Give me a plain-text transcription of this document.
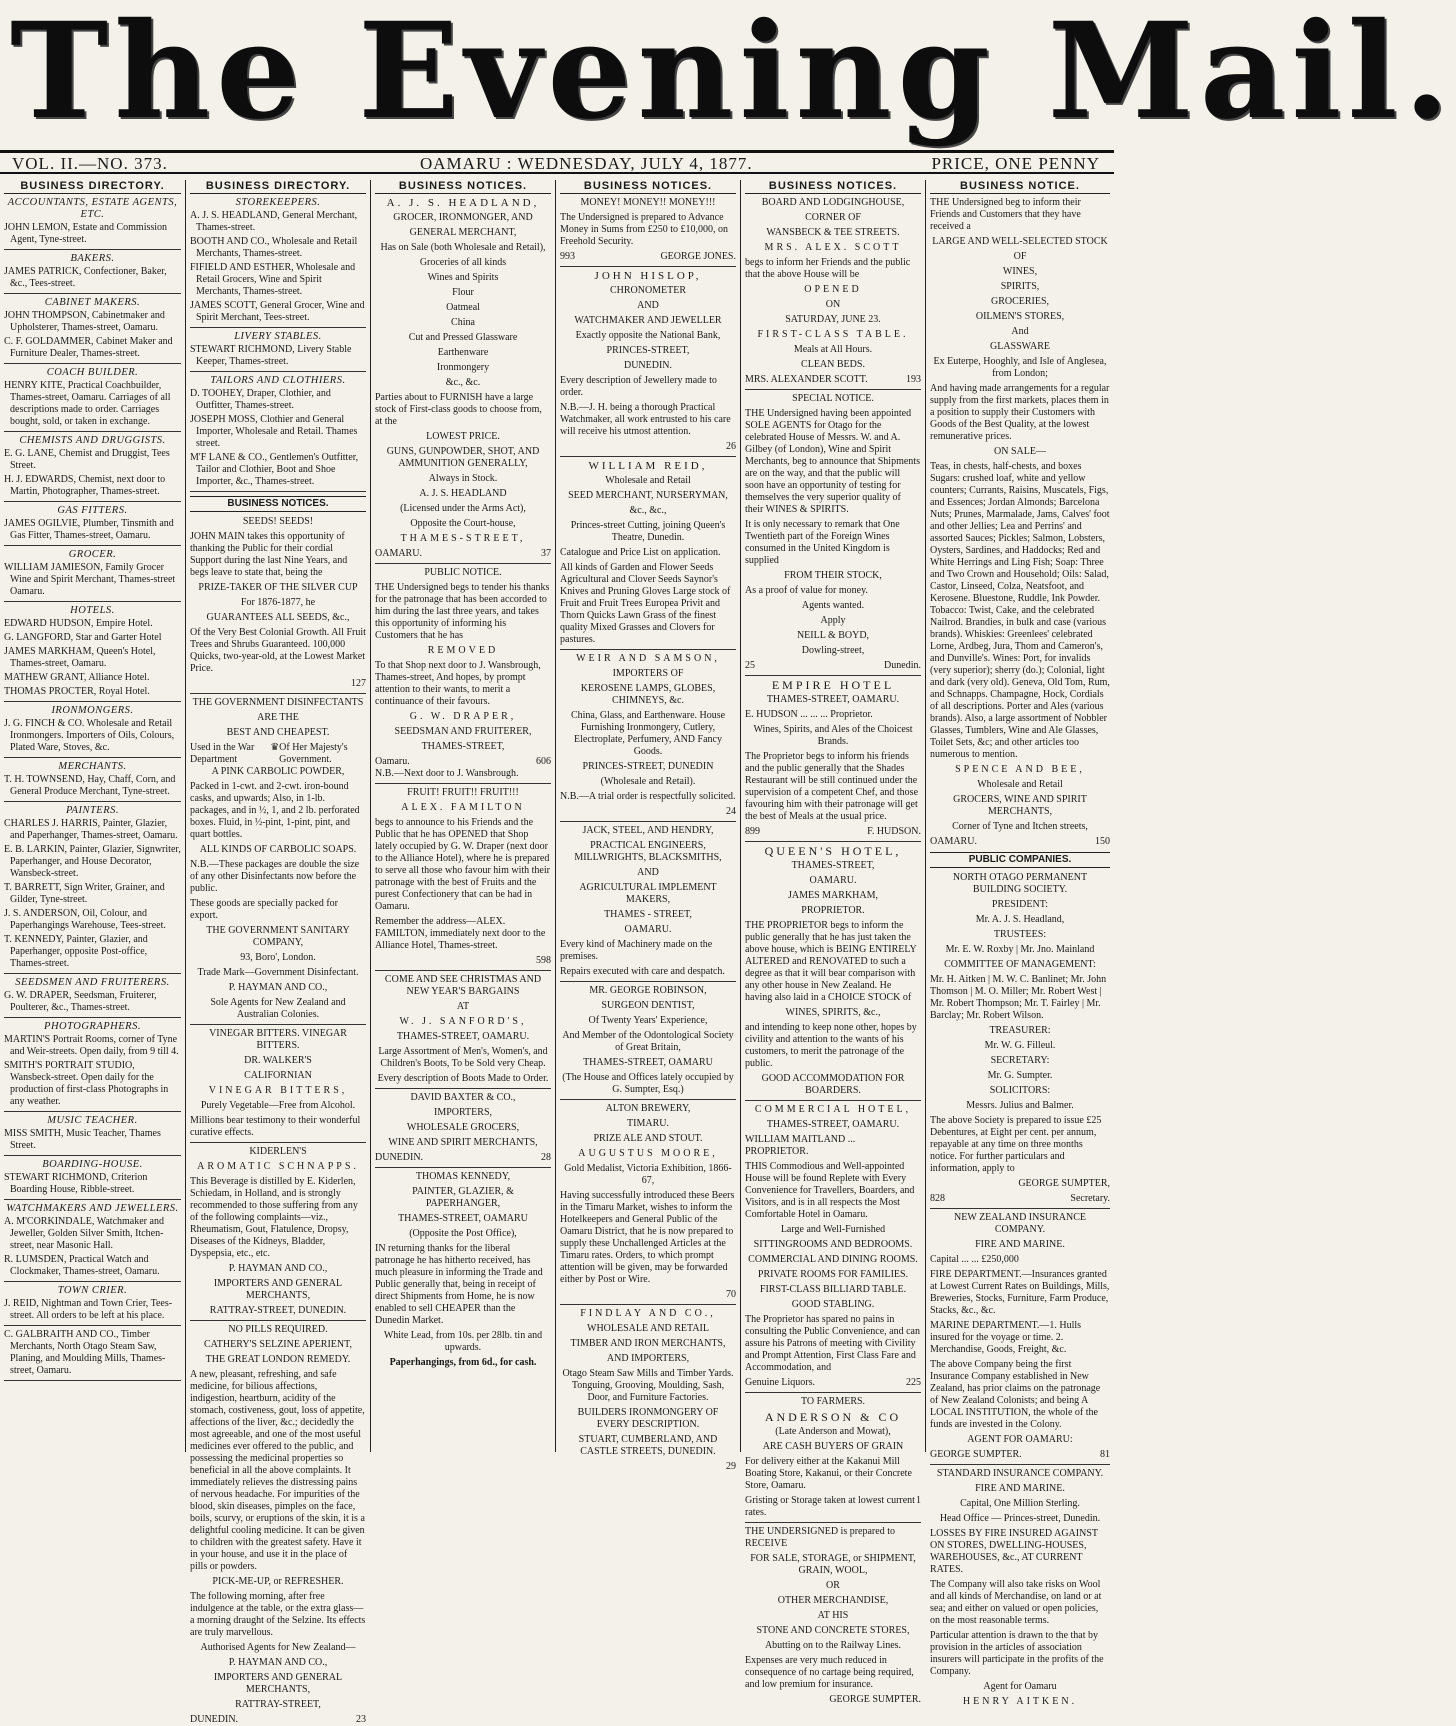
The Evening Mail.
VOL. II.—NO. 373.	OAMARU : WEDNESDAY, JULY 4, 1877.	PRICE, ONE PENNY
BUSINESS DIRECTORY.
ACCOUNTANTS, ESTATE AGENTS, ETC.
JOHN LEMON, Estate and Commission Agent, Tyne-street.
BAKERS.
JAMES PATRICK, Confectioner, Baker, &c., Tees-street.
CABINET MAKERS.
JOHN THOMPSON, Cabinetmaker and Upholsterer, Thames-street, Oamaru.
C. F. GOLDAMMER, Cabinet Maker and Furniture Dealer, Thames-street.
COACH BUILDER.
HENRY KITE, Practical Coachbuilder, Thames-street, Oamaru. Carriages of all descriptions made to order. Carriages bought, sold, or taken in exchange.
CHEMISTS AND DRUGGISTS.
E. G. LANE, Chemist and Druggist, Tees Street.
H. J. EDWARDS, Chemist, next door to Martin, Photographer, Thames-street.
GAS FITTERS.
JAMES OGILVIE, Plumber, Tinsmith and Gas Fitter, Thames-street, Oamaru.
GROCER.
WILLIAM JAMIESON, Family Grocer Wine and Spirit Merchant, Thames-street Oamaru.
HOTELS.
EDWARD HUDSON, Empire Hotel.
G. LANGFORD, Star and Garter Hotel
JAMES MARKHAM, Queen's Hotel, Thames-street, Oamaru.
MATHEW GRANT, Alliance Hotel.
THOMAS PROCTER, Royal Hotel.
IRONMONGERS.
J. G. FINCH & CO. Wholesale and Retail Ironmongers. Importers of Oils, Colours, Plated Ware, Stoves, &c.
MERCHANTS.
T. H. TOWNSEND, Hay, Chaff, Corn, and General Produce Merchant, Tyne-street.
PAINTERS.
CHARLES J. HARRIS, Painter, Glazier, and Paperhanger, Thames-street, Oamaru.
E. B. LARKIN, Painter, Glazier, Signwriter, Paperhanger, and House Decorator, Wansbeck-street.
T. BARRETT, Sign Writer, Grainer, and Gilder, Tyne-street.
J. S. ANDERSON, Oil, Colour, and Paperhangings Warehouse, Tees-street.
T. KENNEDY, Painter, Glazier, and Paperhanger, opposite Post-office, Thames-street.
SEEDSMEN AND FRUITERERS.
G. W. DRAPER, Seedsman, Fruiterer, Poulterer, &c., Thames-street.
PHOTOGRAPHERS.
MARTIN'S Portrait Rooms, corner of Tyne and Weir-streets. Open daily, from 9 till 4.
SMITH'S PORTRAIT STUDIO, Wansbeck-street. Open daily for the production of first-class Photographs in any weather.
MUSIC TEACHER.
MISS SMITH, Music Teacher, Thames Street.
BOARDING-HOUSE.
STEWART RICHMOND, Criterion Boarding House, Ribble-street.
WATCHMAKERS AND JEWELLERS.
A. M'CORKINDALE, Watchmaker and Jeweller, Golden Silver Smith, Itchen-street, near Masonic Hall.
R. LUMSDEN, Practical Watch and Clockmaker, Thames-street, Oamaru.
TOWN CRIER.
J. REID, Nightman and Town Crier, Tees-street. All orders to be left at his place.
C. GALBRAITH AND CO., Timber Merchants, North Otago Steam Saw, Planing, and Moulding Mills, Thames-street, Oamaru.
BUSINESS DIRECTORY.
STOREKEEPERS.
A. J. S. HEADLAND, General Merchant, Thames-street.
BOOTH AND CO., Wholesale and Retail Merchants, Thames-street.
FIFIELD AND ESTHER, Wholesale and Retail Grocers, Wine and Spirit Merchants, Thames-street.
JAMES SCOTT, General Grocer, Wine and Spirit Merchant, Tees-street.
LIVERY STABLES.
STEWART RICHMOND, Livery Stable Keeper, Thames-street.
TAILORS AND CLOTHIERS.
D. TOOHEY, Draper, Clothier, and Outfitter, Thames-street.
JOSEPH MOSS, Clothier and General Importer, Wholesale and Retail. Thames street.
M'F LANE & CO., Gentlemen's Outfitter, Tailor and Clothier, Boot and Shoe Importer, &c., Thames-street.
BUSINESS NOTICES.

SEEDS! SEEDS!

JOHN MAIN takes this opportunity of thanking the Public for their cordial Support during the last Nine Years, and begs leave to state that, being the

PRIZE-TAKER OF THE SILVER CUP

For 1876-1877, he

GUARANTEES ALL SEEDS, &c.,

Of the Very Best Colonial Growth. All Fruit Trees and Shrubs Guaranteed. 100,000 Quicks, two-year-old, at the Lowest Market Price.

127

THE GOVERNMENT DISINFECTANTS

ARE THE

BEST AND CHEAPEST.

Used in the War Department
♛ Of Her Majesty's Government.

A PINK CARBOLIC POWDER,

Packed in 1-cwt. and 2-cwt. iron-bound casks, and upwards; Also, in 1-lb. packages, and in ½, 1, and 2 lb. perforated boxes. Fluid, in ½-pint, 1-pint, pint, and quart bottles.

ALL KINDS OF CARBOLIC SOAPS.

N.B.—These packages are double the size of any other Disinfectants now before the public.

These goods are specially packed for export.

THE GOVERNMENT SANITARY COMPANY,

93, Boro', London.

Trade Mark—Government Disinfectant.

P. HAYMAN AND CO.,

Sole Agents for New Zealand and Australian Colonies.

VINEGAR BITTERS. VINEGAR BITTERS.

DR. WALKER'S

CALIFORNIAN

VINEGAR BITTERS,

Purely Vegetable—Free from Alcohol.

Millions bear testimony to their wonderful curative effects.

KIDERLEN'S

AROMATIC SCHNAPPS.

This Beverage is distilled by E. Kiderlen, Schiedam, in Holland, and is strongly recommended to those suffering from any of the following complaints—viz., Rheumatism, Gout, Flatulence, Dropsy, Diseases of the Kidneys, Bladder, Dyspepsia, etc., etc.

P. HAYMAN AND CO.,

IMPORTERS AND GENERAL MERCHANTS,

RATTRAY-STREET, DUNEDIN.

NO PILLS REQUIRED.

CATHERY'S SELZINE APERIENT,

THE GREAT LONDON REMEDY.

A new, pleasant, refreshing, and safe medicine, for bilious affections, indigestion, heartburn, acidity of the stomach, costiveness, gout, loss of appetite, affections of the liver, &c.; decidedly the most agreeable, and one of the most useful medicines ever offered to the public, and possessing the medicinal properties so beneficial in all the above complaints. It immediately relieves the distressing pains of nervous headache. For impurities of the blood, skin diseases, pimples on the face, boils, scurvy, or eruptions of the skin, it is a delightful cooling medicine. It can be given to children with the greatest safety. Have it in your house, and use it in the place of pills or powders.

PICK-ME-UP, or REFRESHER.

The following morning, after free indulgence at the table, or the extra glass—a morning draught of the Selzine. Its effects are truly marvellous.

Authorised Agents for New Zealand—

P. HAYMAN AND CO.,

IMPORTERS AND GENERAL MERCHANTS,

RATTRAY-STREET,

DUNEDIN.	23
BUSINESS NOTICES.

A. J. S. HEADLAND,

GROCER, IRONMONGER, AND

GENERAL MERCHANT,

Has on Sale (both Wholesale and Retail),

Groceries of all kinds

Wines and Spirits

Flour

Oatmeal

China

Cut and Pressed Glassware

Earthenware

Ironmongery

&c., &c.

Parties about to FURNISH have a large stock of First-class goods to choose from, at the

LOWEST PRICE.

GUNS, GUNPOWDER, SHOT, AND AMMUNITION GENERALLY,

Always in Stock.

A. J. S. HEADLAND

(Licensed under the Arms Act),

Opposite the Court-house,

THAMES-STREET,

OAMARU.	37

PUBLIC NOTICE.

THE Undersigned begs to tender his thanks for the patronage that has been accorded to him during the last three years, and takes this opportunity of informing his Customers that he has

REMOVED

To that Shop next door to J. Wansbrough, Thames-street, And hopes, by prompt attention to their wants, to merit a continuance of their favours.

G. W. DRAPER,

SEEDSMAN AND FRUITERER,

THAMES-STREET,

Oamaru.	606

N.B.—Next door to J. Wansbrough.

FRUIT! FRUIT!! FRUIT!!!

ALEX. FAMILTON

begs to announce to his Friends and the Public that he has OPENED that Shop lately occupied by G. W. Draper (next door to the Alliance Hotel), where he is prepared to serve all those who favour him with their patronage with the best of Fruits and the purest Confectionery that can be had in Oamaru.

Remember the address—ALEX. FAMILTON, immediately next door to the Alliance Hotel, Thames-street.

598

COME AND SEE CHRISTMAS AND NEW YEAR'S BARGAINS

AT

W. J. SANFORD'S,

THAMES-STREET, OAMARU.

Large Assortment of Men's, Women's, and Children's Boots, To be Sold very Cheap.

Every description of Boots Made to Order.

DAVID BAXTER & CO.,

IMPORTERS,

WHOLESALE GROCERS,

WINE AND SPIRIT MERCHANTS,

DUNEDIN.	28

THOMAS KENNEDY,

PAINTER, GLAZIER, & PAPERHANGER,

THAMES-STREET, OAMARU

(Opposite the Post Office),

IN returning thanks for the liberal patronage he has hitherto received, has much pleasure in informing the Trade and Public generally that, being in receipt of direct Shipments from Home, he is now enabled to sell CHEAPER than the Dunedin Market.

White Lead, from 10s. per 28lb. tin and upwards.

Paperhangings, from 6d., for cash.

BUSINESS NOTICES.

MONEY! MONEY!! MONEY!!!

The Undersigned is prepared to Advance Money in Sums from £250 to £10,000, on Freehold Security.

993	GEORGE JONES.

JOHN HISLOP,

CHRONOMETER

AND

WATCHMAKER AND JEWELLER

Exactly opposite the National Bank,

PRINCES-STREET,

DUNEDIN.

Every description of Jewellery made to order.

N.B.—J. H. being a thorough Practical Watchmaker, all work entrusted to his care will receive his utmost attention.

26

WILLIAM REID,

Wholesale and Retail

SEED MERCHANT, NURSERYMAN,

&c., &c.,

Princes-street Cutting, joining Queen's Theatre, Dunedin.

Catalogue and Price List on application.

All kinds of Garden and Flower Seeds Agricultural and Clover Seeds Saynor's Knives and Pruning Gloves Large stock of Fruit and Fruit Trees Europea Privit and Thorn Quicks Lawn Grass of the finest quality Mixed Grasses and Clovers for pastures.

WEIR AND SAMSON,

IMPORTERS OF

KEROSENE LAMPS, GLOBES, CHIMNEYS, &c.

China, Glass, and Earthenware. House Furnishing Ironmongery, Cutlery, Electroplate, Perfumery, AND Fancy Goods.

PRINCES-STREET, DUNEDIN

(Wholesale and Retail).

N.B.—A trial order is respectfully solicited.

24

JACK, STEEL, AND HENDRY,

PRACTICAL ENGINEERS, MILLWRIGHTS, BLACKSMITHS,

AND

AGRICULTURAL IMPLEMENT MAKERS,

THAMES - STREET,

OAMARU.

Every kind of Machinery made on the premises.

Repairs executed with care and despatch.

MR. GEORGE ROBINSON,

SURGEON DENTIST,

Of Twenty Years' Experience,

And Member of the Odontological Society of Great Britain,

THAMES-STREET, OAMARU

(The House and Offices lately occupied by G. Sumpter, Esq.)

ALTON BREWERY,

TIMARU.

PRIZE ALE AND STOUT.

AUGUSTUS MOORE,

Gold Medalist, Victoria Exhibition, 1866-67,

Having successfully introduced these Beers in the Timaru Market, wishes to inform the Hotelkeepers and General Public of the Oamaru District, that he is now prepared to supply these Unchallenged Articles at the Timaru rates. Orders, to which prompt attention will be given, may be forwarded either by Post or Wire.

70

FINDLAY AND CO.,

WHOLESALE AND RETAIL

TIMBER AND IRON MERCHANTS,

AND IMPORTERS,

Otago Steam Saw Mills and Timber Yards. Tonguing, Grooving, Moulding, Sash, Door, and Furniture Factories.

BUILDERS IRONMONGERY OF EVERY DESCRIPTION.

STUART, CUMBERLAND, AND CASTLE STREETS, DUNEDIN.

29

BUSINESS NOTICES.

BOARD AND LODGINGHOUSE,

CORNER OF

WANSBECK & TEE STREETS.

MRS. ALEX. SCOTT

begs to inform her Friends and the public that the above House will be

OPENED

ON

SATURDAY, JUNE 23.

FIRST-CLASS TABLE.

Meals at All Hours.

CLEAN BEDS.

MRS. ALEXANDER SCOTT.	193

SPECIAL NOTICE.

THE Undersigned having been appointed SOLE AGENTS for Otago for the celebrated House of Messrs. W. and A. Gilbey (of London), Wine and Spirit Merchants, beg to announce that Shipments are on the way, and that the public will soon have an opportunity of testing for themselves the very superior quality of their WINES & SPIRITS.

It is only necessary to remark that One Twentieth part of the Foreign Wines consumed in the United Kingdom is supplied

FROM THEIR STOCK,

As a proof of value for money.

Agents wanted.

Apply

NEILL & BOYD,

Dowling-street,

25	Dunedin.

EMPIRE HOTEL

THAMES-STREET, OAMARU.

E. HUDSON ... ... ... Proprietor.

Wines, Spirits, and Ales of the Choicest Brands.

The Proprietor begs to inform his friends and the public generally that the Shades Restaurant will be still continued under the supervision of a competent Chef, and those favouring him with their patronage will get the best of Meals at the usual price.

899	F. HUDSON.

QUEEN'S HOTEL,

THAMES-STREET,

OAMARU.

JAMES MARKHAM,

PROPRIETOR.

THE PROPRIETOR begs to inform the public generally that he has just taken the above house, which is BEING ENTIRELY ALTERED and RENOVATED to such a degree as that it will bear comparison with any other house in New Zealand. He having also laid in a CHOICE STOCK of

WINES, SPIRITS, &c.,

and intending to keep none other, hopes by civility and attention to the wants of his customers, to merit the patronage of the public.

GOOD ACCOMMODATION FOR BOARDERS.

COMMERCIAL HOTEL,

THAMES-STREET, OAMARU.

WILLIAM MAITLAND ... PROPRIETOR.

THIS Commodious and Well-appointed House will be found Replete with Every Convenience for Travellers, Boarders, and Visitors, and is in all respects the Most Comfortable Hotel in Oamaru.

Large and Well-Furnished

SITTINGROOMS AND BEDROOMS.

COMMERCIAL AND DINING ROOMS.

PRIVATE ROOMS FOR FAMILIES.

FIRST-CLASS BILLIARD TABLE.

GOOD STABLING.

The Proprietor has spared no pains in consulting the Public Convenience, and can assure his Patrons of meeting with Civility and Prompt Attention, First Class Fare and Accommodation, and

Genuine Liquors.	225

TO FARMERS.

ANDERSON & CO

(Late Anderson and Mowat),

ARE CASH BUYERS OF GRAIN

For delivery either at the Kakanui Mill Boating Store, Kakanui, or their Concrete Store, Oamaru.

Gristing or Storage taken at lowest current rates.
1

THE UNDERSIGNED is prepared to RECEIVE

FOR SALE, STORAGE, or SHIPMENT, GRAIN, WOOL,

OR

OTHER MERCHANDISE,

AT HIS

STONE AND CONCRETE STORES,

Abutting on to the Railway Lines.

Expenses are very much reduced in consequence of no cartage being required, and low premium for insurance.

GEORGE SUMPTER.

BUSINESS NOTICE.

THE Undersigned beg to inform their Friends and Customers that they have received a

LARGE AND WELL-SELECTED STOCK

OF

WINES,

SPIRITS,

GROCERIES,

OILMEN'S STORES,

And

GLASSWARE

Ex Euterpe, Hooghly, and Isle of Anglesea, from London;

And having made arrangements for a regular supply from the first markets, places them in a position to supply their Customers with Goods of the Best Quality, at the lowest remunerative prices.

ON SALE—

Teas, in chests, half-chests, and boxes Sugars: crushed loaf, white and yellow counters; Currants, Raisins, Muscatels, Figs, and Essences; Jordan Almonds; Barcelona Nuts; Prunes, Marmalade, Jams, Calves' foot and other Jellies; Lea and Perrins' and assorted Sauces; Pickles; Salmon, Lobsters, Oysters, Sardines, and Haddocks; Red and White Herrings and Ling Fish; Soap: Three and Two Crown and Household; Oils: Salad, Castor, Linseed, Colza, Neatsfoot, and Kerosene. Bluestone, Ruddle, Ink Powder. Tobacco: Twist, Cake, and the celebrated Nailrod. Brandies, in bulk and case (various brands). Whiskies: Greenlees' celebrated Lorne, Ardbeg, Jura, Thom and Cameron's, and Dunville's. Wines: Port, for invalids (very superior); sherry (do.); Colonial, light and dark (very old). Geneva, Old Tom, Rum, and Schnapps. Champagne, Hock, Cordials of all descriptions. Porter and Ales (various brands). Also, a large assortment of Nobbler Glasses, Tumblers, Wine and Ale Glasses, Toilet Sets, &c; and other articles too numerous to mention.

SPENCE AND BEE,

Wholesale and Retail

GROCERS, WINE AND SPIRIT MERCHANTS,

Corner of Tyne and Itchen streets,

OAMARU.	150
PUBLIC COMPANIES.

NORTH OTAGO PERMANENT BUILDING SOCIETY.

PRESIDENT:

Mr. A. J. S. Headland,

TRUSTEES:

Mr. E. W. Roxby | Mr. Jno. Mainland

COMMITTEE OF MANAGEMENT:

Mr. H. Aitken | M. W. C. Banlinet; Mr. John Thomson | M. O. Miller; Mr. Robert West | Mr. Robert Thompson; Mr. T. Fairley | Mr. Barclay; Mr. Robert Wilson.

TREASURER:

Mr. W. G. Filleul.

SECRETARY:

Mr. G. Sumpter.

SOLICITORS:

Messrs. Julius and Balmer.

The above Society is prepared to issue £25 Debentures, at Eight per cent. per annum, repayable at any time on three months notice. For further particulars and information, apply to

GEORGE SUMPTER,

828	Secretary.

NEW ZEALAND INSURANCE COMPANY.

FIRE AND MARINE.

Capital ... ... £250,000

FIRE DEPARTMENT.—Insurances granted at Lowest Current Rates on Buildings, Mills, Breweries, Stocks, Furniture, Farm Produce, Stacks, &c., &c.

MARINE DEPARTMENT.—1. Hulls insured for the voyage or time. 2. Merchandise, Goods, Freight, &c.

The above Company being the first Insurance Company established in New Zealand, has prior claims on the patronage of New Zealand Colonists; and being A LOCAL INSTITUTION, the whole of the funds are invested in the Colony.

AGENT FOR OAMARU:

GEORGE SUMPTER.	81

STANDARD INSURANCE COMPANY.

FIRE AND MARINE.

Capital, One Million Sterling.

Head Office — Princes-street, Dunedin.

LOSSES BY FIRE INSURED AGAINST ON STORES, DWELLING-HOUSES, WAREHOUSES, &c., AT CURRENT RATES.

The Company will also take risks on Wool and all kinds of Merchandise, on land or at sea; and either on valued or open policies, on the most reasonable terms.

Particular attention is drawn to the that by provision in the articles of association insurers will participate in the profits of the Company.

Agent for Oamaru

HENRY AITKEN.
